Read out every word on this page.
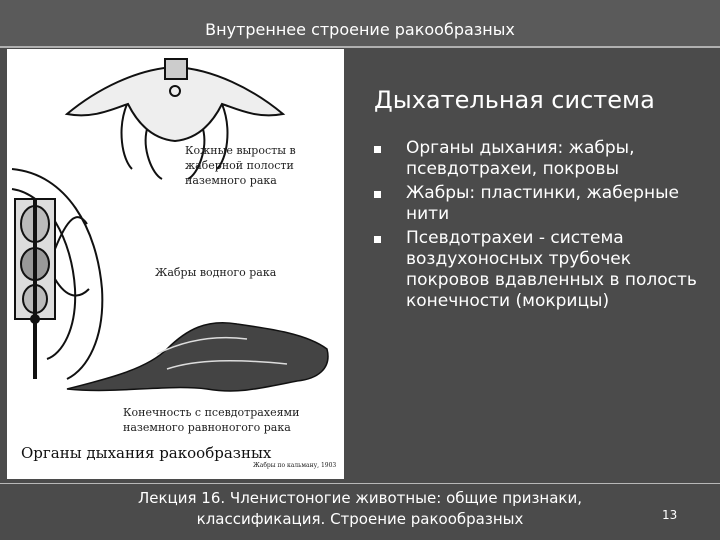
Внутреннее строение ракообразных
Кожные выросты в жаберной полости наземного рака
Жабры водного рака
Конечность с псевдотрахеями наземного равноногого рака
Органы дыхания ракообразных
Жабры по кальману, 1903
Дыхательная система
Органы дыхания: жабры, псевдотрахеи, покровы
Жабры: пластинки, жаберные нити
Псевдотрахеи - система воздухоносных трубочек покровов вдавленных в полость конечности (мокрицы)
Лекция 16. Членистоногие животные: общие признаки, классификация. Строение ракообразных	13
